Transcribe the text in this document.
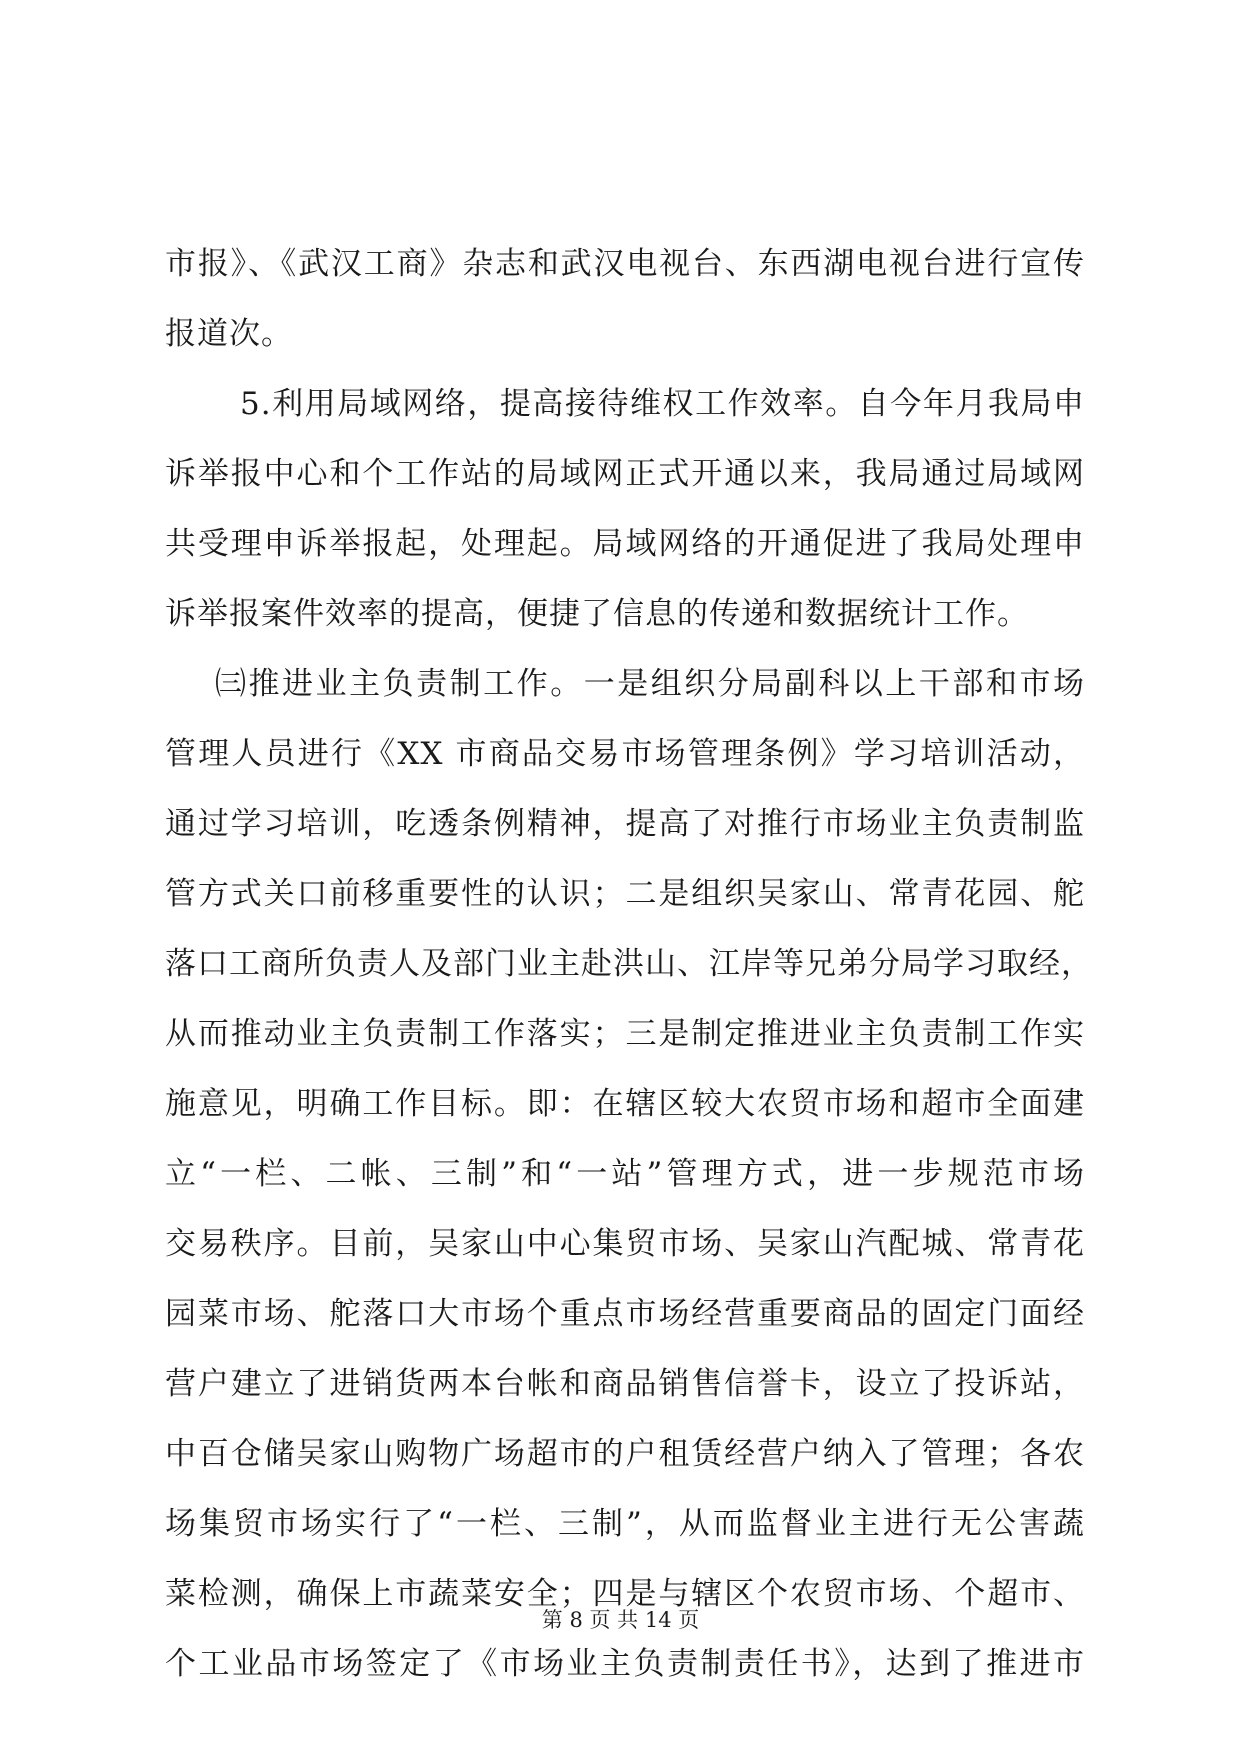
市报》、《武汉工商》杂志和武汉电视台、东西湖电视台进行宣传
报道次。
5.利用局域网络，提高接待维权工作效率。自今年月我局申
诉举报中心和个工作站的局域网正式开通以来，我局通过局域网
共受理申诉举报起，处理起。局域网络的开通促进了我局处理申
诉举报案件效率的提高，便捷了信息的传递和数据统计工作。
㈢推进业主负责制工作。一是组织分局副科以上干部和市场
管理人员进行《XX 市商品交易市场管理条例》学习培训活动，
通过学习培训，吃透条例精神，提高了对推行市场业主负责制监
管方式关口前移重要性的认识；二是组织吴家山、常青花园、舵
落口工商所负责人及部门业主赴洪山、江岸等兄弟分局学习取经，
从而推动业主负责制工作落实；三是制定推进业主负责制工作实
施意见，明确工作目标。即：在辖区较大农贸市场和超市全面建
立“一栏、二帐、三制”和“一站”管理方式，进一步规范市场
交易秩序。目前，吴家山中心集贸市场、吴家山汽配城、常青花
园菜市场、舵落口大市场个重点市场经营重要商品的固定门面经
营户建立了进销货两本台帐和商品销售信誉卡，设立了投诉站，
中百仓储吴家山购物广场超市的户租赁经营户纳入了管理；各农
场集贸市场实行了“一栏、三制”，从而监督业主进行无公害蔬
菜检测，确保上市蔬菜安全；四是与辖区个农贸市场、个超市、
个工业品市场签定了《市场业主负责制责任书》，达到了推进市
第 8 页 共 14 页
